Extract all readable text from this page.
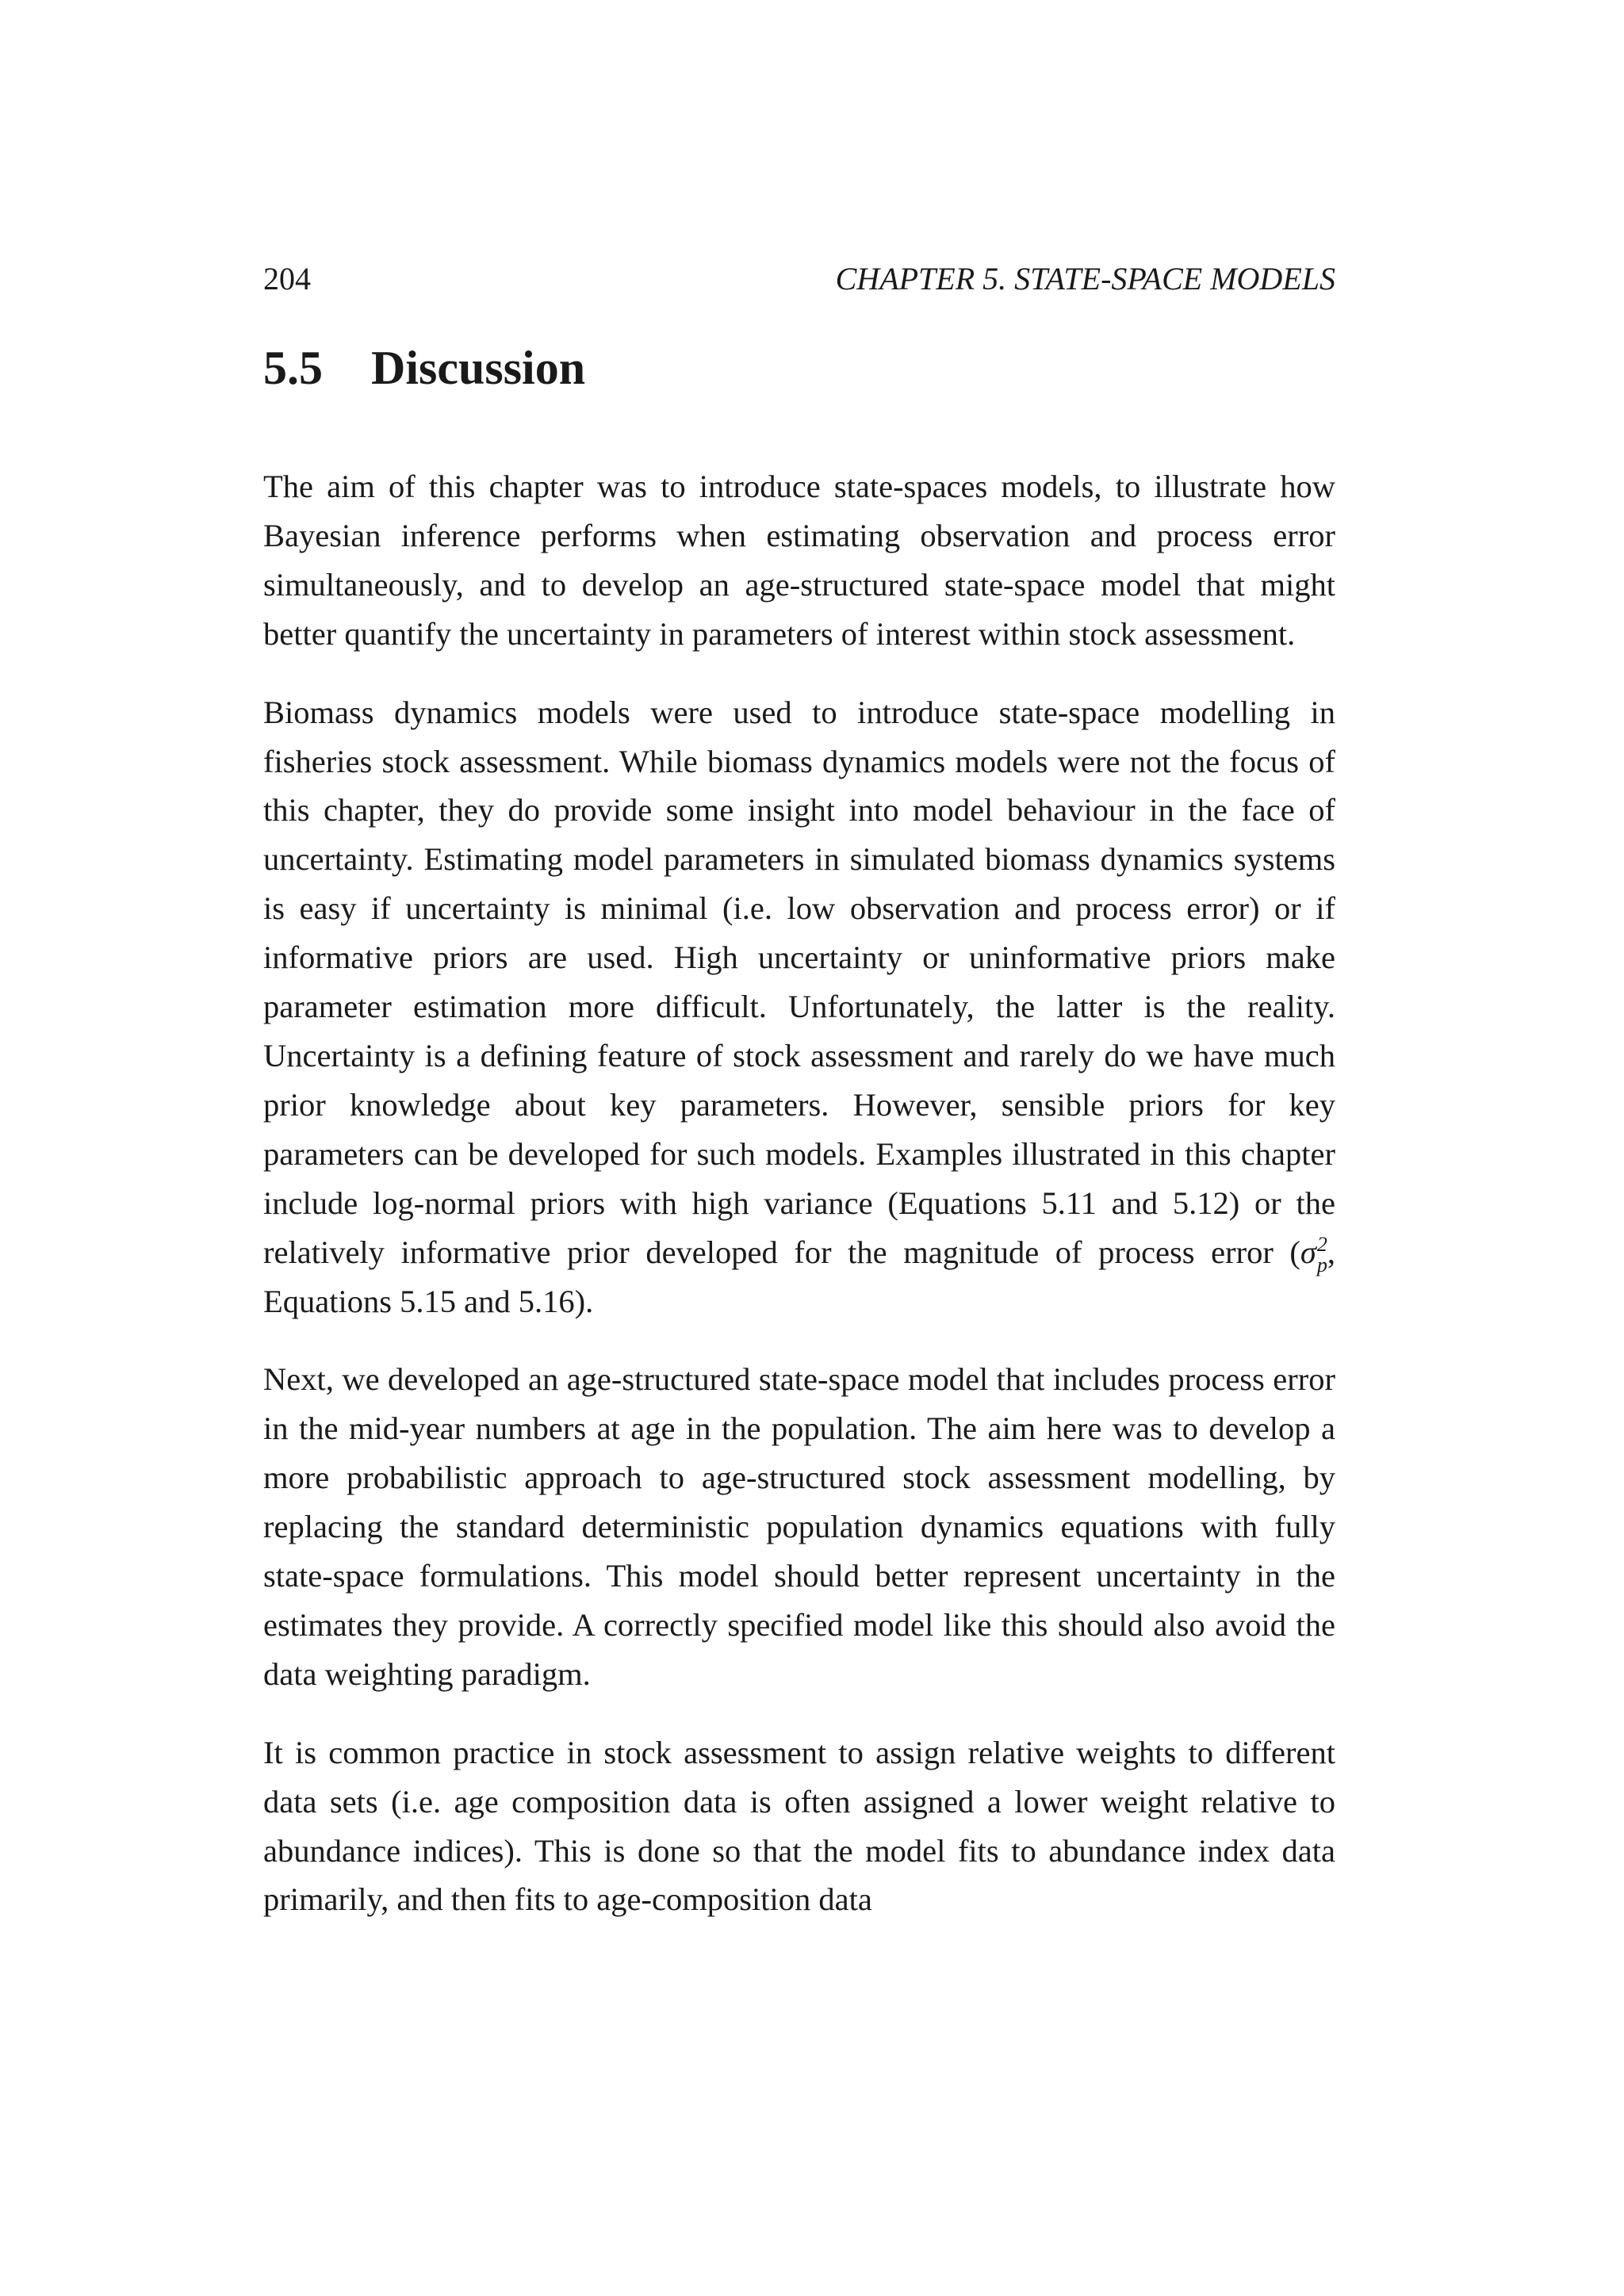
204	CHAPTER 5. STATE-SPACE MODELS
5.5 Discussion

The aim of this chapter was to introduce state-spaces models, to illustrate how Bayesian inference performs when estimating observation and process error simultaneously, and to develop an age-structured state-space model that might better quantify the uncertainty in parameters of interest within stock assessment.

Biomass dynamics models were used to introduce state-space modelling in fisheries stock assessment. While biomass dynamics models were not the focus of this chapter, they do provide some insight into model behaviour in the face of uncertainty. Estimating model parameters in simulated biomass dynamics systems is easy if uncertainty is minimal (i.e. low observation and process error) or if informative priors are used. High uncertainty or uninformative priors make parameter estimation more difficult. Unfortunately, the latter is the reality. Uncertainty is a defining feature of stock assessment and rarely do we have much prior knowledge about key parameters. However, sensible priors for key parameters can be developed for such models. Examples illustrated in this chapter include log-normal priors with high variance (Equations 5.11 and 5.12) or the relatively informative prior developed for the magnitude of process error (σ 2
p , Equations 5.15 and 5.16).

Next, we developed an age-structured state-space model that includes process error in the mid-year numbers at age in the population. The aim here was to develop a more probabilistic approach to age-structured stock assessment modelling, by replacing the standard deterministic population dynamics equations with fully state-space formulations. This model should better represent uncertainty in the estimates they provide. A correctly specified model like this should also avoid the data weighting paradigm.

It is common practice in stock assessment to assign relative weights to different data sets (i.e. age composition data is often assigned a lower weight relative to abundance indices). This is done so that the model fits to abundance index data primarily, and then fits to age-composition data
